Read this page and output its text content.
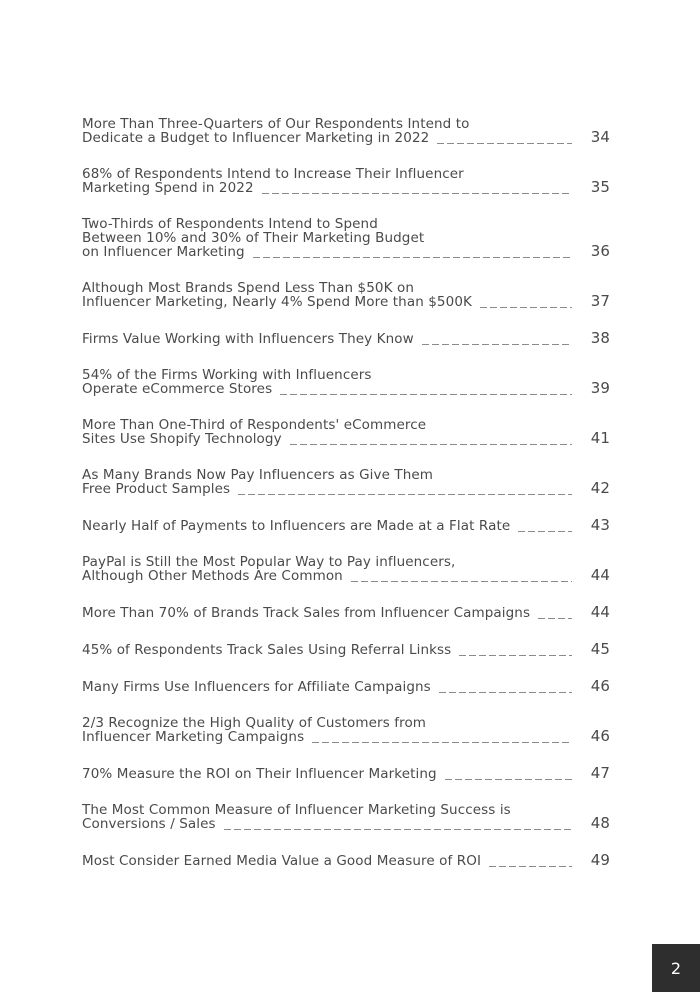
More Than Three-Quarters of Our Respondents Intend to
Dedicate a Budget to Influencer Marketing in 2022	34
68% of Respondents Intend to Increase Their Influencer
Marketing Spend in 2022	35
Two-Thirds of Respondents Intend to Spend
Between 10% and 30% of Their Marketing Budget
on Influencer Marketing	36
Although Most Brands Spend Less Than $50K on
Influencer Marketing, Nearly 4% Spend More than $500K	37
Firms Value Working with Influencers They Know	38
54% of the Firms Working with Influencers
Operate eCommerce Stores	39
More Than One-Third of Respondents' eCommerce
Sites Use Shopify Technology	41
As Many Brands Now Pay Influencers as Give Them
Free Product Samples	42
Nearly Half of Payments to Influencers are Made at a Flat Rate	43
PayPal is Still the Most Popular Way to Pay influencers,
Although Other Methods Are Common	44
More Than 70% of Brands Track Sales from Influencer Campaigns	44
45% of Respondents Track Sales Using Referral Linkss	45
Many Firms Use Influencers for Affiliate Campaigns	46
2/3 Recognize the High Quality of Customers from
Influencer Marketing Campaigns	46
70% Measure the ROI on Their Influencer Marketing	47
The Most Common Measure of Influencer Marketing Success is
Conversions / Sales	48
Most Consider Earned Media Value a Good Measure of ROI	49
2
